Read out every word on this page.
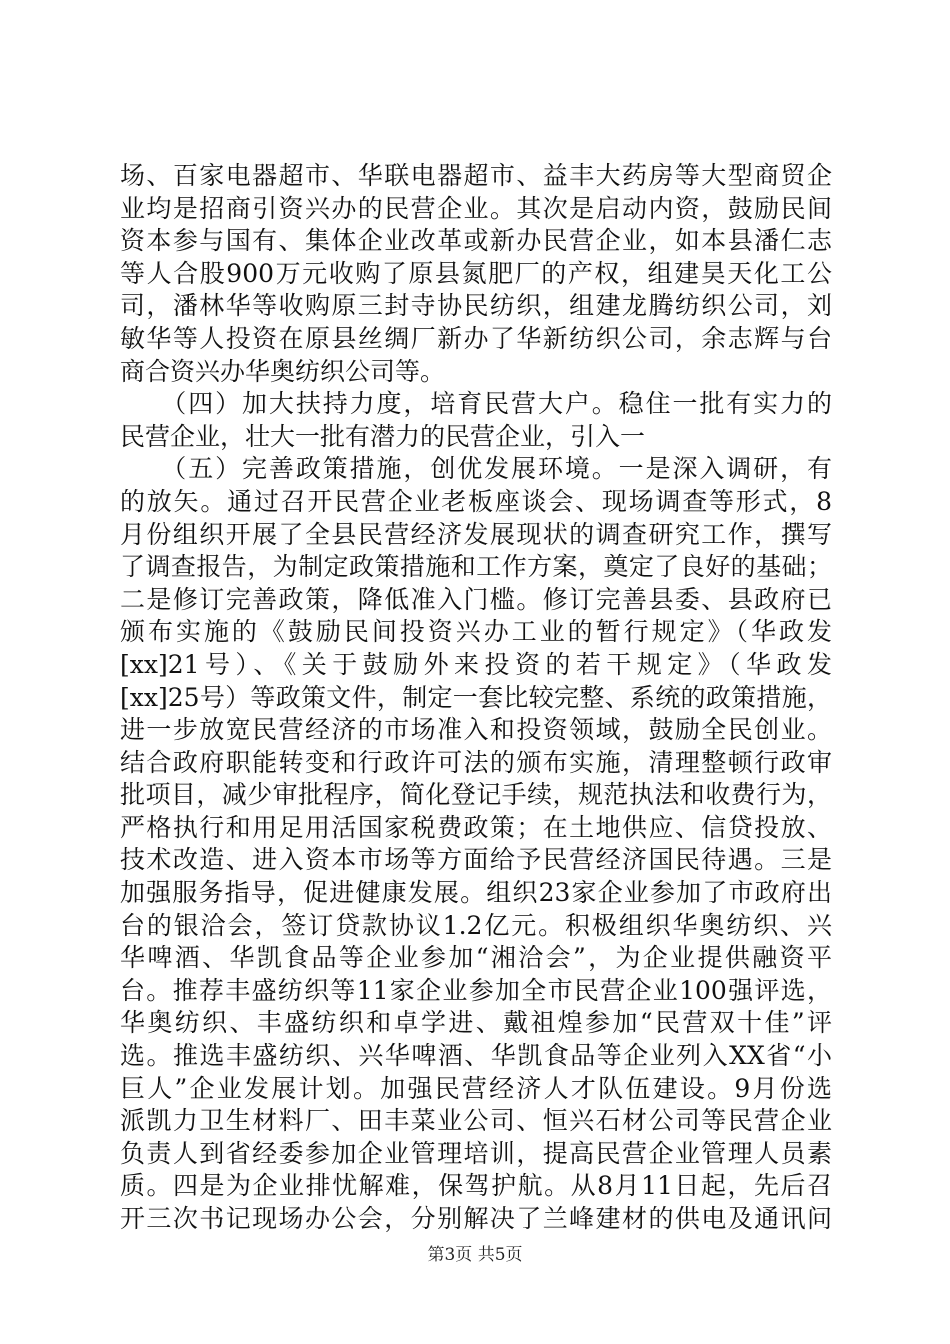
场、百家电器超市、华联电器超市、益丰大药房等大型商贸企
业均是招商引资兴办的民营企业。其次是启动内资，鼓励民间
资本参与国有、集体企业改革或新办民营企业，如本县潘仁志
等人合股900万元收购了原县氮肥厂的产权，组建昊天化工公
司，潘林华等收购原三封寺协民纺织，组建龙腾纺织公司，刘
敏华等人投资在原县丝绸厂新办了华新纺织公司，余志辉与台
商合资兴办华奥纺织公司等。
　　（四）加大扶持力度，培育民营大户。稳住一批有实力的
民营企业，壮大一批有潜力的民营企业，引入一
　　（五）完善政策措施，创优发展环境。一是深入调研，有
的放矢。通过召开民营企业老板座谈会、现场调查等形式，8
月份组织开展了全县民营经济发展现状的调查研究工作，撰写
了调查报告，为制定政策措施和工作方案，奠定了良好的基础；
二是修订完善政策，降低准入门槛。修订完善县委、县政府已
颁布实施的《鼓励民间投资兴办工业的暂行规定》（华政发
[xx]21号）、《关于鼓励外来投资的若干规定》（华政发
[xx]25号）等政策文件，制定一套比较完整、系统的政策措施，
进一步放宽民营经济的市场准入和投资领域，鼓励全民创业。
结合政府职能转变和行政许可法的颁布实施，清理整顿行政审
批项目，减少审批程序，简化登记手续，规范执法和收费行为，
严格执行和用足用活国家税费政策；在土地供应、信贷投放、
技术改造、进入资本市场等方面给予民营经济国民待遇。三是
加强服务指导，促进健康发展。组织23家企业参加了市政府出
台的银洽会，签订贷款协议1.2亿元。积极组织华奥纺织、兴
华啤酒、华凯食品等企业参加“湘洽会”，为企业提供融资平
台。推荐丰盛纺织等11家企业参加全市民营企业100强评选，
华奥纺织、丰盛纺织和卓学进、戴祖煌参加“民营双十佳”评
选。推选丰盛纺织、兴华啤酒、华凯食品等企业列入XX省“小
巨人”企业发展计划。加强民营经济人才队伍建设。9月份选
派凯力卫生材料厂、田丰菜业公司、恒兴石材公司等民营企业
负责人到省经委参加企业管理培训，提高民营企业管理人员素
质。四是为企业排忧解难，保驾护航。从8月11日起，先后召
开三次书记现场办公会，分别解决了兰峰建材的供电及通讯问
第3页 共5页
